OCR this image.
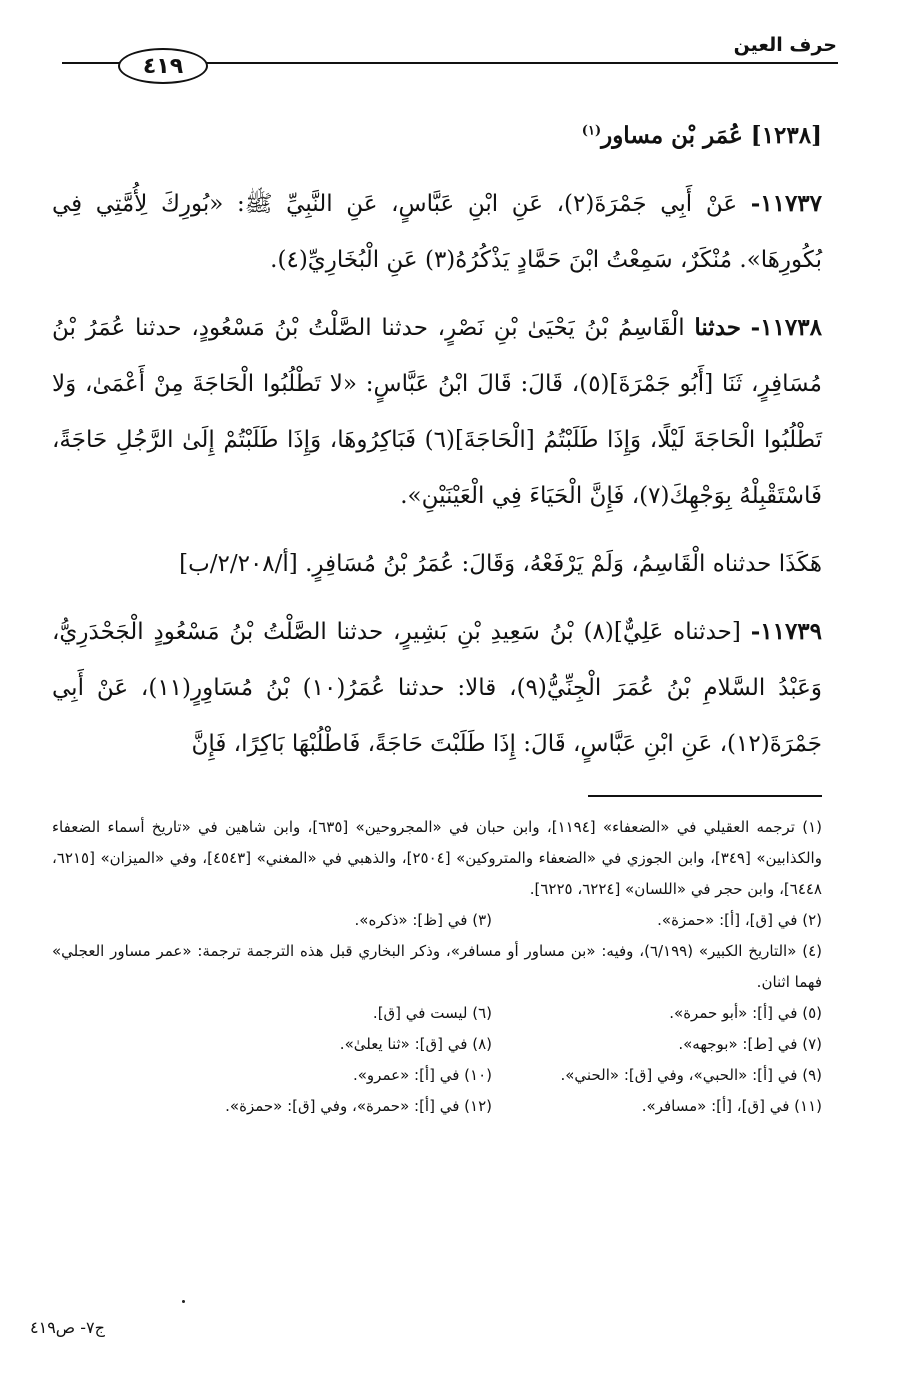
حرف العين
٤١٩

[١٢٣٨] عُمَر بْن مساور$^{(١)}$

١١٧٣٧- عَنْ أَبِي جَمْرَةَ(٢)، عَنِ ابْنِ عَبَّاسٍ، عَنِ النَّبِيِّ ﷺ: «بُورِكَ لِأُمَّتِي فِي بُكُورِهَا». مُنْكَرٌ، سَمِعْتُ ابْنَ حَمَّادٍ يَذْكُرُهُ(٣) عَنِ الْبُخَارِيِّ(٤).

١١٧٣٨- حدثنا الْقَاسِمُ بْنُ يَحْيَىٰ بْنِ نَصْرٍ، حدثنا الصَّلْتُ بْنُ مَسْعُودٍ، حدثنا عُمَرُ بْنُ مُسَافِرٍ، ثَنَا [أَبُو جَمْرَةَ](٥)، قَالَ: قَالَ ابْنُ عَبَّاسٍ: «لا تَطْلُبُوا الْحَاجَةَ مِنْ أَعْمَىٰ، وَلا تَطْلُبُوا الْحَاجَةَ لَيْلًا، وَإِذَا طَلَبْتُمُ [الْحَاجَةَ](٦) فَبَاكِرُوهَا، وَإِذَا طَلَبْتُمْ إِلَىٰ الرَّجُلِ حَاجَةً، فَاسْتَقْبِلْهُ بِوَجْهِكَ(٧)، فَإِنَّ الْحَيَاءَ فِي الْعَيْنَيْنِ».

هَكَذَا حدثناه الْقَاسِمُ، وَلَمْ يَرْفَعْهُ، وَقَالَ: عُمَرُ بْنُ مُسَافِرٍ. [أ/٢/٢٠٨/ب]

١١٧٣٩- [حدثناه عَلِيٌّ](٨) بْنُ سَعِيدِ بْنِ بَشِيرٍ، حدثنا الصَّلْتُ بْنُ مَسْعُودٍ الْجَحْدَرِيُّ، وَعَبْدُ السَّلامِ بْنُ عُمَرَ الْجِنِّيُّ(٩)، قالا: حدثنا عُمَرُ(١٠) بْنُ مُسَاوِرٍ(١١)، عَنْ أَبِي جَمْرَةَ(١٢)، عَنِ ابْنِ عَبَّاسٍ، قَالَ: إِذَا طَلَبْتَ حَاجَةً، فَاطْلُبْهَا بَاكِرًا، فَإِنَّ

(١) ترجمه العقيلي في «الضعفاء» [١١٩٤]، وابن حبان في «المجروحين» [٦٣٥]، وابن شاهين في «تاريخ أسماء الضعفاء والكذابين» [٣٤٩]، وابن الجوزي في «الضعفاء والمتروكين» [٢٥٠٤]، والذهبي في «المغني» [٤٥٤٣]، وفي «الميزان» [٦٢١٥، ٦٤٤٨]، وابن حجر في «اللسان» [٦٢٢٤، ٦٢٢٥].

(٢) في [ق]، [أ]: «حمزة».
(٣) في [ظ]: «ذكره».

(٤) «التاريخ الكبير» (٦/١٩٩)، وفيه: «بن مساور أو مسافر»، وذكر البخاري قبل هذه الترجمة ترجمة: «عمر مساور العجلي» فهما اثنان.

(٥) في [أ]: «أبو حمرة».
(٦) ليست في [ق].
(٧) في [ط]: «بوجهه».
(٨) في [ق]: «ثنا يعلىٰ».
(٩) في [أ]: «الحبي»، وفي [ق]: «الحني».
(١٠) في [أ]: «عمرو».
(١١) في [ق]، [أ]: «مسافر».
(١٢) في [أ]: «حمرة»، وفي [ق]: «حمزة».
ج٧- ص٤١٩
